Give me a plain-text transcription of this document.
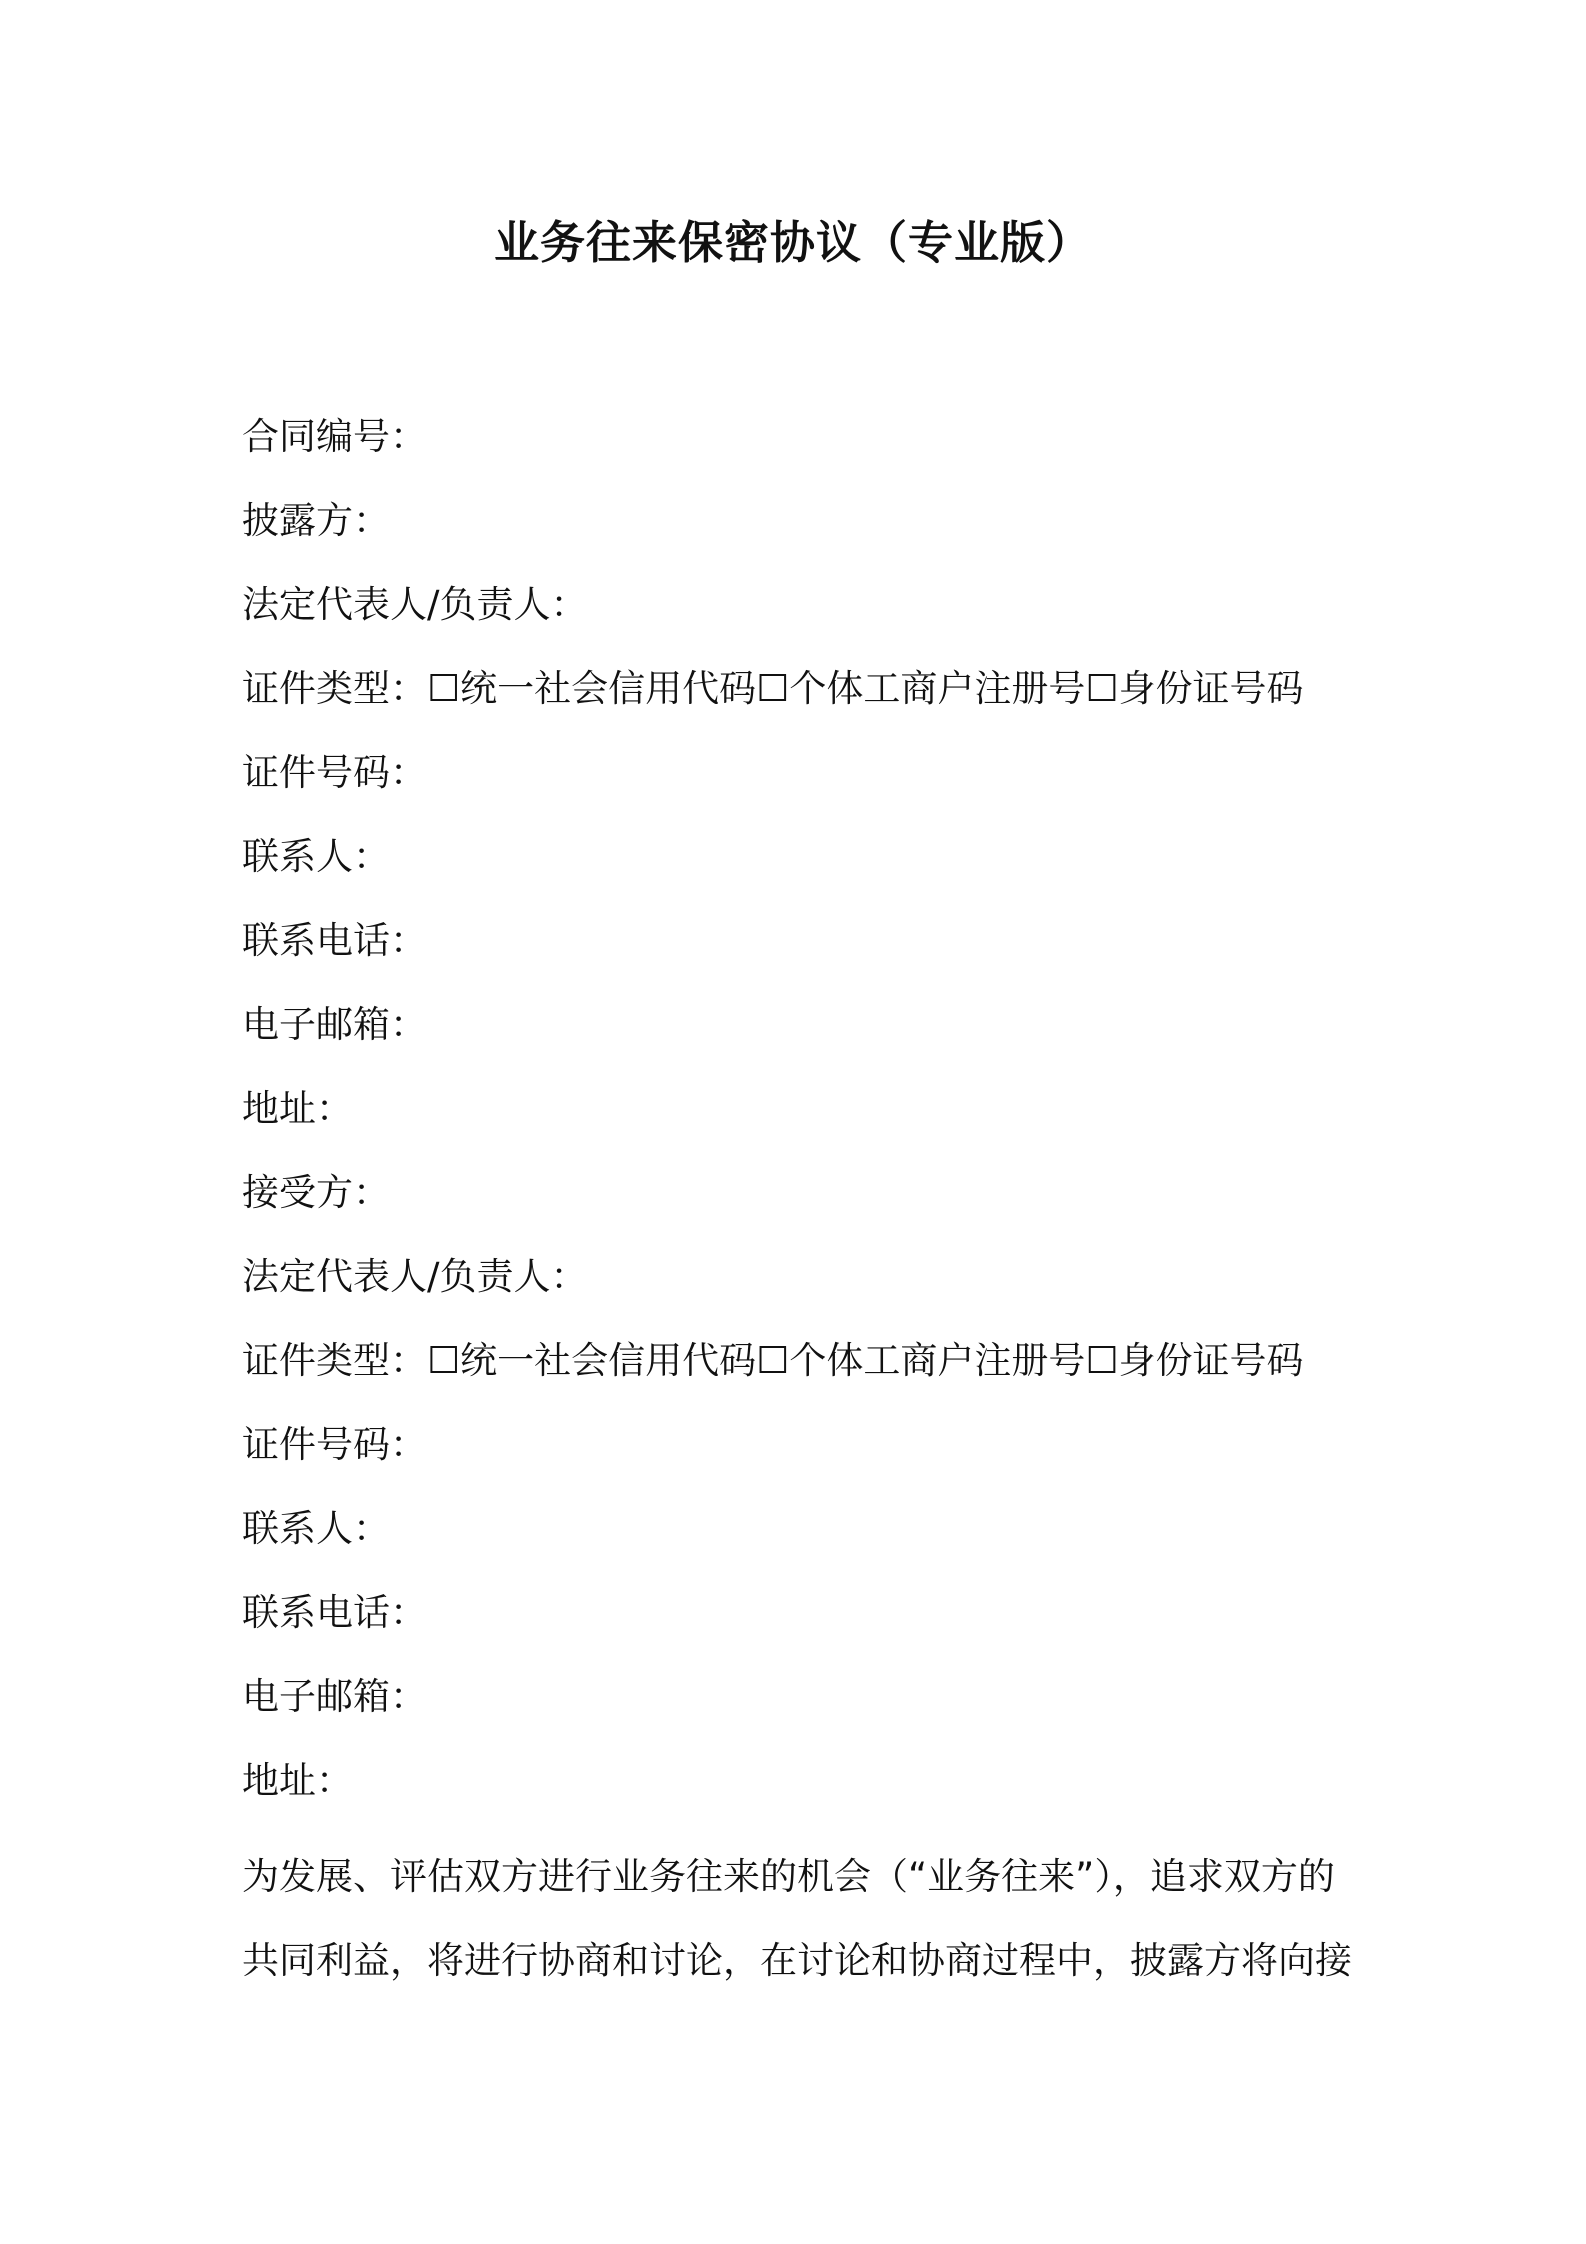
业务往来保密协议（专业版）
合同编号：
披露方：
法定代表人/负责人：
证件类型：☐统一社会信用代码☐个体工商户注册号☐身份证号码
证件号码：
联系人：
联系电话：
电子邮箱：
地址：
接受方：
法定代表人/负责人：
证件类型：☐统一社会信用代码☐个体工商户注册号☐身份证号码
证件号码：
联系人：
联系电话：
电子邮箱：
地址：
为发展、评估双方进行业务往来的机会（“业务往来”），追求双方的
共同利益，将进行协商和讨论，在讨论和协商过程中，披露方将向接
